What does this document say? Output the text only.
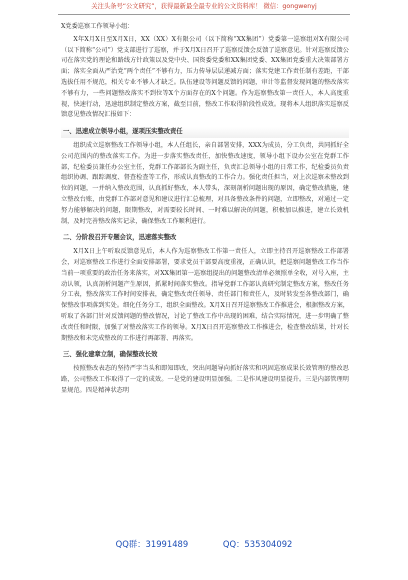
关注头条号“公文研究”，获得最新最全最专业的公文资料库！ 微信：gongwenyj

X党委巡察工作领导小组：

X年X月X日至X月X日，XX（XX）X有限公司（以下简称“XX集团”）党委第一巡察组对X有限公司（以下简称“公司”）党支部进行了巡察，并于X月X日召开了巡察反馈会反馈了巡察意见。针对巡察反馈公司在落实党的理论和路线方针政策以及党中央、国资委党委和XX集团党委、XX集团党委重大决策部署方面；落实全面从严治党“两个责任”不够有力，压力传导层层递减方面；落实党建工作责任制有差距，干部选拔任用不规范，相关专业不够人才缺乏。队伍建设等问题反馈的问题，审计等监督发现问题的整改落实不够有力，一些问题整改落实不到位等X个方面存在的X个问题。作为巡察整改第一责任人，本人高度重视，快速行动，迅速组织制定整改方案，截至目前，整改工作取得阶段性成效。现将本人组织落实巡察反馈意见整改情况汇报如下：

一、迅速成立领导小组，逐项压实整改责任

组织成立巡察整改工作领导小组，本人任组长，亲自部署安排，XXX为成员，分工负责，共同抓好全公司范围内的整改落实工作。为进一步落实整改责任，加快整改速度，领导小组下设办公室在党群工作部，纪检委员兼任办公室主任，党群工作部部长为副主任，负责汇总领导小组的日常工作，纪检委员负责组织协调、跟踪调度、督查检查等工作，形成认真整改的工作合力。强化责任担当，对上次巡察未整改到位的问题，一并纳入整改范围，认真抓好整改，本人带头，深刻剖析问题出现的原因，确定整改措施，建立整改台账，由党群工作部对意见和建议进行汇总梳理，对具备整改条件的问题，立即整改，对通过一定努力能够解决的问题，限期整改，对需要较长时间、一时难以解决的问题，积极加以推进，建立长效机制，及时完善整改落实记录，确保整改工作顺利进行。

二、分阶段召开专题会议，迅速落实整改

X月X日上午听取反馈意见后，本人作为巡察整改工作第一责任人，立即主持召开巡察整改工作部署会，对巡察整改工作进行全面安排部署，要求党员干部要高度重视，正确认识，把巡察问题整改工作当作当前一项重要的政治任务来落实，对XX集团第一巡察组提出的问题整改清单必须照单全收，对号入座，主动认领，认真剖析问题产生原因，抓紧时间落实整改。指导党群工作部认真研究制定整改方案，整改任务分工表，整改落实工作时间安排表，确定整改责任领导、责任部门和责任人，及时转发至各整改部门，确保整改事项落到实处。细化任务分工，组织全面整改。X月X日召开巡察整改工作推进会，根据整改方案，听取了各部门针对反馈问题的整改情况，讨论了整改工作中出现的困难，结合实际情况，进一步明确了整改责任和时限，加强了对整改落实工作的领导。X月X日召开巡察整改工作推进会，检查整改结果，针对长期整改和未完成整改的工作进行再部署、再落实。

三、强化建章立制，确保整改长效

按照整改表态的坚持严字当头和即知即改，突出问题导向抓好落实和巩固巡察成果长效管理的整改思路，公司整改工作取得了一定的成效。一是党的建设明显加强。二是作风建设明显提升。三是内部管理明显规范。四是精神状态明

QQ群：31991489	QQ：535304092
